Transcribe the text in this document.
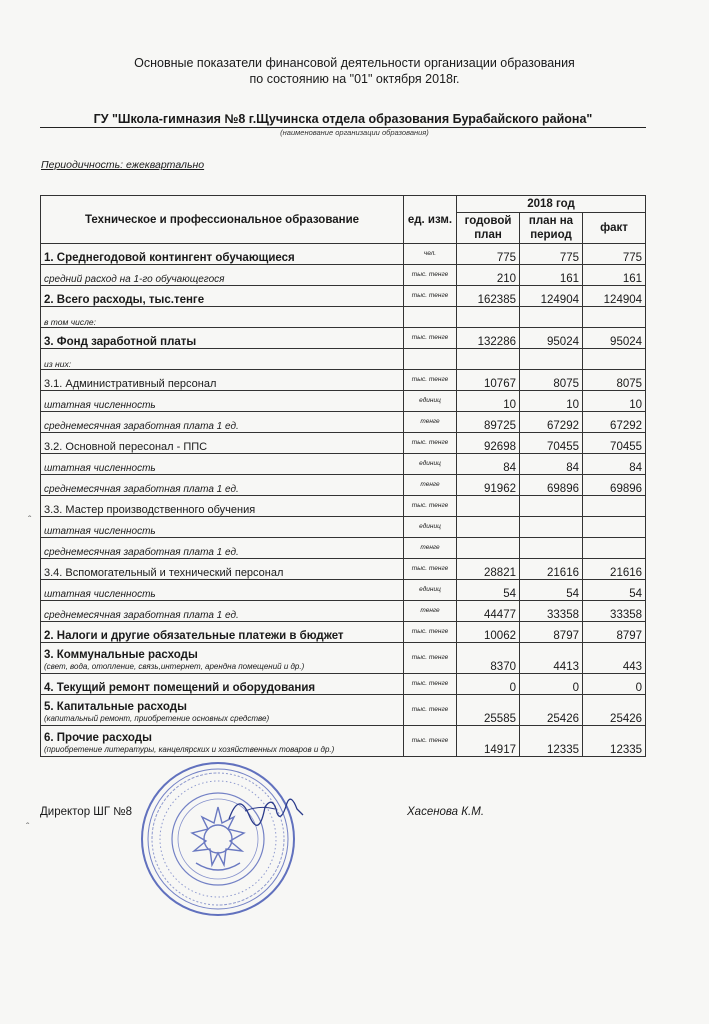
Основные показатели финансовой деятельности организации образования
по состоянию на "01" октября 2018г.
ГУ "Школа-гимназия №8 г.Щучинска отдела образования Бурабайского района"
(наименование организации образования)
Периодичность: ежеквартально
Техническое и профессиональное образование	ед. изм.	2018 год		
		годовой план	план на период	факт
1. Среднегодовой контингент обучающиеся	чел.	775	775	775
средний расход на 1-го обучающегося	тыс. тенге	210	161	161
2. Всего расходы, тыс.тенге	тыс. тенге	162385	124904	124904
в том числе:				
3. Фонд заработной платы	тыс. тенге	132286	95024	95024
из них:				
3.1. Административный персонал	тыс. тенге	10767	8075	8075
штатная численность	единиц	10	10	10
среднемесячная заработная плата 1 ед.	тенге	89725	67292	67292
3.2. Основной пересонал - ППС	тыс. тенге	92698	70455	70455
штатная численность	единиц	84	84	84
среднемесячная заработная плата 1 ед.	тенге	91962	69896	69896
3.3. Мастер производственного обучения	тыс. тенге			
штатная численность	единиц			
среднемесячная заработная плата 1 ед.	тенге			
3.4. Вспомогательный и технический персонал	тыс. тенге	28821	21616	21616
штатная численность	единиц	54	54	54
среднемесячная заработная плата 1 ед.	тенге	44477	33358	33358
2. Налоги и другие обязательные платежи в бюджет	тыс. тенге	10062	8797	8797
3. Коммунальные расходы
(свет, вода, отопление, связь,интернет, арендна помещений и др.)	тыс. тенге	8370	4413	443
4. Текущий ремонт помещений и оборудования	тыс. тенге	0	0	0
5. Капитальные расходы
(капитальный ремонт, приобретение основных средстве)	тыс. тенге	25585	25426	25426
6. Прочие расходы
(приобретение литературы, канцелярских и хозяйственных товаров и др.)	тыс. тенге	14917	12335	12335
ˆ
ˆ
Директор ШГ №8	Хасенова К.М.
